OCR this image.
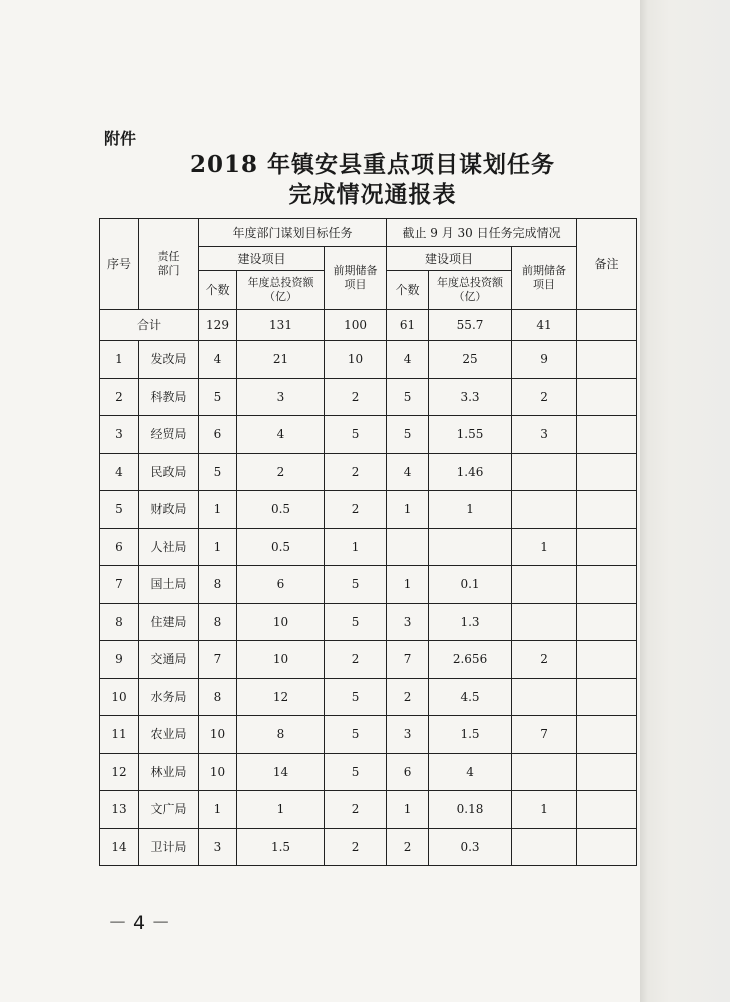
附件
2018 年镇安县重点项目谋划任务
完成情况通报表
序号	责任部门	年度部门谋划目标任务			截止 9 月 30 日任务完成情况			备注
		建设项目		前期储备项目	建设项目		前期储备项目	
		个数	年度总投资额（亿）		个数	年度总投资额（亿）		
合计		129	131	100	61	55.7	41	
1	发改局	4	21	10	4	25	9	
2	科教局	5	3	2	5	3.3	2	
3	经贸局	6	4	5	5	1.55	3	
4	民政局	5	2	2	4	1.46		
5	财政局	1	0.5	2	1	1		
6	人社局	1	0.5	1			1	
7	国土局	8	6	5	1	0.1		
8	住建局	8	10	5	3	1.3		
9	交通局	7	10	2	7	2.656	2	
10	水务局	8	12	5	2	4.5		
11	农业局	10	8	5	3	1.5	7	
12	林业局	10	14	5	6	4		
13	文广局	1	1	2	1	0.18	1	
14	卫计局	3	1.5	2	2	0.3		
－ 4 －
